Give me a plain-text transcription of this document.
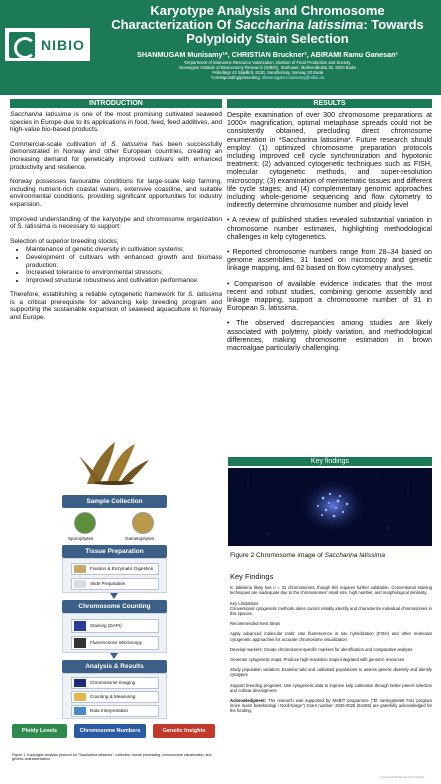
NIBIO
Karyotype Analysis and Chromosome
Characterization Of Saccharina latissima: Towards
Polyploidy Stain Selection
SHANMUGAM Munisamy¹*, CHRISTIAN Bruckner², ABIRAMI Ramu Ganesan¹
¹Department of Biomarine Resource Valorization, Division of Food Production and Society,
Norwegian Institute of Bioeconomy Research (NIBIO), Storhuset, Markvedbukta 30, 8020 Bodø
²Hilleråsgr 42 Skjelbrå, 8130, Sandhornøy, Norway 20 Bodø
*corresponding/presenting: shanmugam.munisamy@nibio.no
INTRODUCTION

Saccharina latissima is one of the most promising cultivated seaweed species in Europe due to its applications in food, feed, feed additives, and high-value bio-based products.

Commercial-scale cultivation of S. latissima has been successfully demonstrated in Norway and other European countries, creating an increasing demand for genetically improved cultivars with enhanced productivity and resilience.

Norway possesses favourable conditions for large-scale kelp farming, including nutrient-rich coastal waters, extensive coastline, and suitable environmental conditions, providing significant opportunities for industry expansion.

Improved understanding of the karyotype and chromosome organization of S. latissima is necessary to support:

Selection of superior breeding stocks;
• Maintenance of genetic diversity in cultivation systems;
• Development of cultivars with enhanced growth and biomass production;
• Increased tolerance to environmental stressors;
• Improved structural robustness and cultivation performance.

Therefore, establishing a reliable cytogenetic framework for S. latissima is a critical prerequisite for advancing kelp breeding program and supporting the sustainable expansion of seaweed aquaculture in Norway and Europe.

RESULTS

Despite examination of over 300 chromosome preparations at 1000× magnification, optimal metaphase spreads could not be consistently obtained, precluding direct chromosome enumeration in *Saccharina latissima*. Future research should employ: (1) optimized chromosome preparation protocols including improved cell cycle synchronization and hypotonic treatment; (2) advanced cytogenetic techniques such as FISH, molecular cytogenetic methods, and super-resolution microscopy; (3) examination of meristematic tissues and different life cycle stages; and (4) complementary genomic approaches including whole-genome sequencing and flow cytometry to indirectly determine chromosome number and ploidy level

• A review of published studies revealed substantial variation in chromosome number estimates, highlighting methodological challenges in kelp cytogenetics.

• Reported chromosome numbers range from 28–34 based on genome assemblies, 31 based on microscopy and genetic linkage mapping, and 62 based on flow cytometry analyses.

• Comparison of available evidence indicates that the most recent and robust studies, combining genome assembly and linkage mapping, support a chromosome number of 31 in European S. latissima.

• The observed discrepancies among studies are likely associated with polyteny, ploidy variation, and methodological differences, making chromosome estimation in brown macroalgae particularly challenging.

Sample Collection
Sporophytes	Gametophytes
Tissue Preparation
Fixation & Enzymatic Digestion
Slide Preparation
Chromosome Counting
Staining (DAPI)
Fluorescence Microscopy
Analysis & Results
Chromosome Imaging
Counting & Measuring
Data Interpretation
Ploidy Levels	Chromosome Numbers	Genetic Insights
Figure 1: Karyotypic analysis protocol for "Saccharina latissima": collection, tissue processing, chromosome visualization, and genetic characterization.
Key findings
Figure 2 Chromosome image of Saccharina latissima
Key Findings

S. latissima likely has n = 31 chromosomes, though this requires further validation. Conventional staining techniques are inadequate due to the chromosomes' small size, high number, and morphological similarity.

Key Limitations
Conventional cytogenetic methods alone cannot reliably identify and characterize individual chromosomes in this species.

Recommended Next Steps

Apply advanced molecular tools: Use fluorescence in situ hybridization (FISH) and other molecular cytogenetic approaches for accurate chromosome visualization

Develop markers: Create chromosome-specific markers for identification and comparative analysis

Generate cytogenetic maps: Produce high-resolution maps integrated with genomic resources

Study population variation: Examine wild and cultivated populations to assess genetic diversity and identify cytotypes

Support breeding programs: Use cytogenetic data to improve kelp cultivation through better parent selection and cultivar development

Acknowledgment: The research was supported by MABIT programme ("Et næringsrettet FoU program innen marin bioteknologi i Nord-Norge") Grant number: 2025-0025 (54406) are gratefully acknowledged for the funding.

Created with BioRender Poster Builder
